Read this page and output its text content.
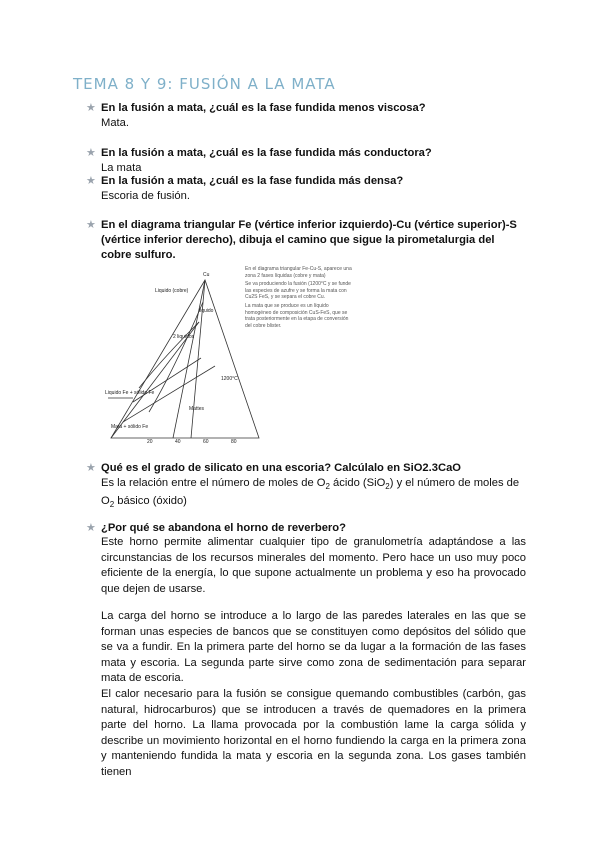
TEMA 8 Y 9: FUSIÓN A LA MATA
★ En la fusión a mata, ¿cuál es la fase fundida menos viscosa?
Mata.
★ En la fusión a mata, ¿cuál es la fase fundida más conductora?
La mata
★ En la fusión a mata, ¿cuál es la fase fundida más densa?
Escoria de fusión.
★ En el diagrama triangular Fe (vértice inferior izquierdo)-Cu (vértice superior)-S (vértice inferior derecho), dibuja el camino que sigue la pirometalurgia del cobre sulfuro.
Cu
Liquido (cobre)
liquido
2 liquidos
Liquido Fe + sólido Fe
Mata + sólido Fe
Mattes
1200°C
20	40	60	80

En el diagrama triangular Fe-Cu-S, aparece una zona 2 fases líquidas (cobre y mata)

Se va produciendo la fusión (1200°C y se funde las especies de azufre y se forma la mata con Cu2S FeS, y se separa el cobre Cu.

La mata que se produce es un líquido homogéneo de composición CuS-FeS, que se trata posteriormente en la etapa de conversión del cobre blister.

★ Qué es el grado de silicato en una escoria? Calcúlalo en SiO2.3CaO
Es la relación entre el número de moles de $O_2$ ácido (SiO$_2$) y el número de moles de $O_2$ básico (óxido)
★ ¿Por qué se abandona el horno de reverbero?

Este horno permite alimentar cualquier tipo de granulometría adaptándose a las circunstancias de los recursos minerales del momento. Pero hace un uso muy poco eficiente de la energía, lo que supone actualmente un problema y eso ha provocado que dejen de usarse.

La carga del horno se introduce a lo largo de las paredes laterales en las que se forman unas especies de bancos que se constituyen como depósitos del sólido que se va a fundir. En la primera parte del horno se da lugar a la formación de las fases mata y escoria. La segunda parte sirve como zona de sedimentación para separar mata de escoria.

El calor necesario para la fusión se consigue quemando combustibles (carbón, gas natural, hidrocarburos) que se introducen a través de quemadores en la primera parte del horno. La llama provocada por la combustión lame la carga sólida y describe un movimiento horizontal en el horno fundiendo la carga en la primera zona y manteniendo fundida la mata y escoria en la segunda zona. Los gases también tienen
